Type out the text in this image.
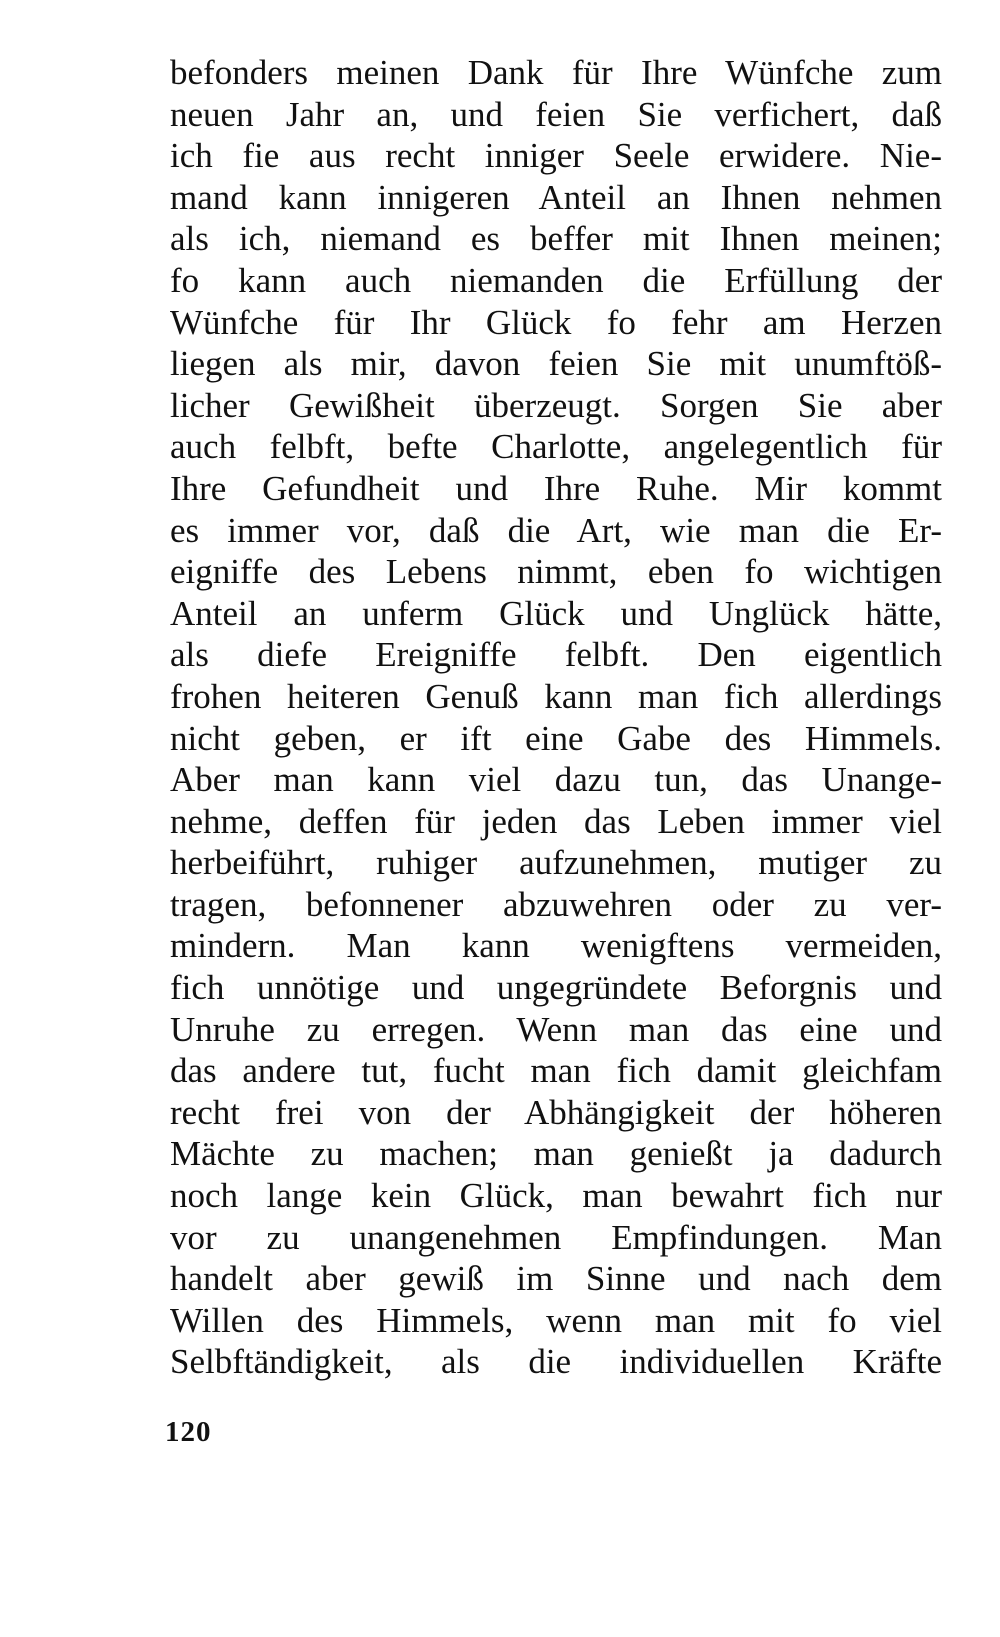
befonders meinen Dank für Ihre Wünfche zum
neuen Jahr an, und feien Sie verfichert, daß
ich fie aus recht inniger Seele erwidere. Nie-
mand kann innigeren Anteil an Ihnen nehmen
als ich, niemand es beffer mit Ihnen meinen;
fo kann auch niemanden die Erfüllung der
Wünfche für Ihr Glück fo fehr am Herzen
liegen als mir, davon feien Sie mit unumftöß-
licher Gewißheit überzeugt. Sorgen Sie aber
auch felbft, befte Charlotte, angelegentlich für
Ihre Gefundheit und Ihre Ruhe. Mir kommt
es immer vor, daß die Art, wie man die Er-
eigniffe des Lebens nimmt, eben fo wichtigen
Anteil an unferm Glück und Unglück hätte,
als diefe Ereigniffe felbft. Den eigentlich
frohen heiteren Genuß kann man fich allerdings
nicht geben, er ift eine Gabe des Himmels.
Aber man kann viel dazu tun, das Unange-
nehme, deffen für jeden das Leben immer viel
herbeiführt, ruhiger aufzunehmen, mutiger zu
tragen, befonnener abzuwehren oder zu ver-
mindern. Man kann wenigftens vermeiden,
fich unnötige und ungegründete Beforgnis und
Unruhe zu erregen. Wenn man das eine und
das andere tut, fucht man fich damit gleichfam
recht frei von der Abhängigkeit der höheren
Mächte zu machen; man genießt ja dadurch
noch lange kein Glück, man bewahrt fich nur
vor zu unangenehmen Empfindungen. Man
handelt aber gewiß im Sinne und nach dem
Willen des Himmels, wenn man mit fo viel
Selbftändigkeit, als die individuellen Kräfte
120
